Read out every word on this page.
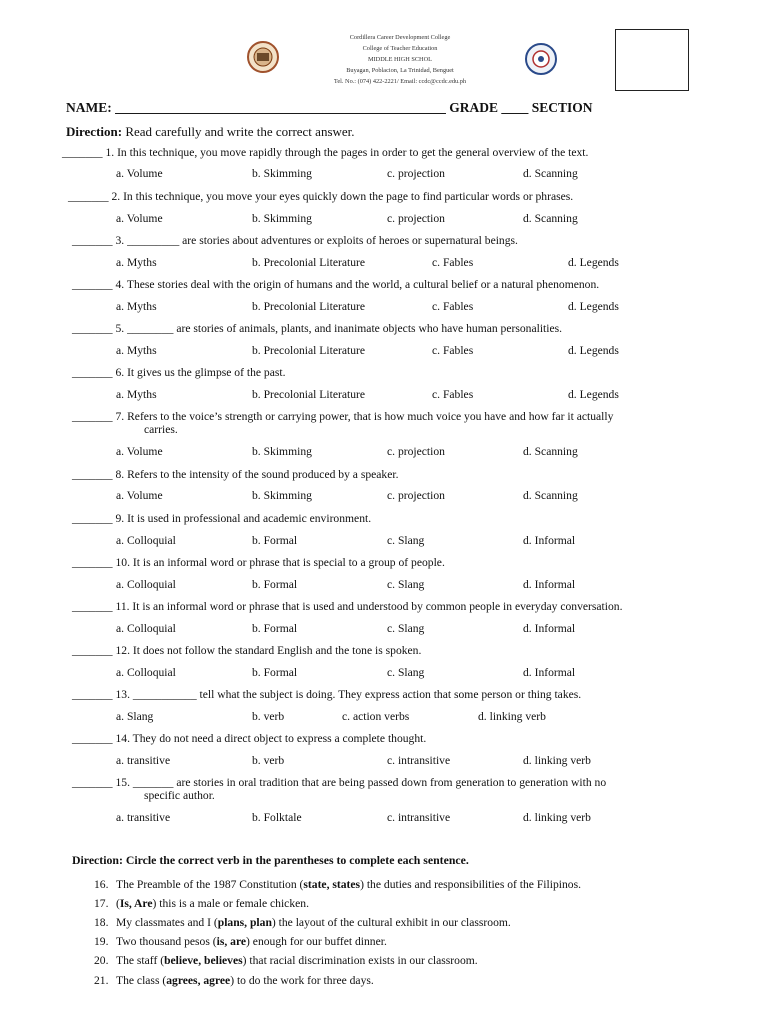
Cordillera Career Development College
College of Teacher Education
MIDDLE HIGH SCHOL
Buyagan, Poblacion, La Trinidad, Benguet
Tel. No.: (074) 422-2221/ Email: ccdc@ccdc.edu.ph
NAME: _________________________________________________ GRADE ____ SECTION
Direction: Read carefully and write the correct answer.
_______ 1. In this technique, you move rapidly through the pages in order to get the general overview of the text.
a. Volume	b. Skimming	c. projection	d. Scanning
_______ 2. In this technique, you move your eyes quickly down the page to find particular words or phrases.
a. Volume	b. Skimming	c. projection	d. Scanning
_______ 3. _________ are stories about adventures or exploits of heroes or supernatural beings.
a. Myths	b. Precolonial Literature	c. Fables	d. Legends
_______ 4. These stories deal with the origin of humans and the world, a cultural belief or a natural phenomenon.
a. Myths	b. Precolonial Literature	c. Fables	d. Legends
_______ 5. ________ are stories of animals, plants, and inanimate objects who have human personalities.
a. Myths	b. Precolonial Literature	c. Fables	d. Legends
_______ 6. It gives us the glimpse of the past.
a. Myths	b. Precolonial Literature	c. Fables	d. Legends
_______ 7. Refers to the voice’s strength or carrying power, that is how much voice you have and how far it actually
carries.
a. Volume	b. Skimming	c. projection	d. Scanning
_______ 8. Refers to the intensity of the sound produced by a speaker.
a. Volume	b. Skimming	c. projection	d. Scanning
_______ 9. It is used in professional and academic environment.
a. Colloquial	b. Formal	c. Slang	d. Informal
_______ 10. It is an informal word or phrase that is special to a group of people.
a. Colloquial	b. Formal	c. Slang	d. Informal
_______ 11. It is an informal word or phrase that is used and understood by common people in everyday conversation.
a. Colloquial	b. Formal	c. Slang	d. Informal
_______ 12. It does not follow the standard English and the tone is spoken.
a. Colloquial	b. Formal	c. Slang	d. Informal
_______ 13. ___________ tell what the subject is doing. They express action that some person or thing takes.
a. Slang	b. verb	c. action verbs	d. linking verb
_______ 14. They do not need a direct object to express a complete thought.
a. transitive	b. verb	c. intransitive	d. linking verb
_______ 15. _______ are stories in oral tradition that are being passed down from generation to generation with no
specific author.
a. transitive	b. Folktale	c. intransitive	d. linking verb
Direction: Circle the correct verb in the parentheses to complete each sentence.
16. The Preamble of the 1987 Constitution (state, states) the duties and responsibilities of the Filipinos.
17. (Is, Are) this is a male or female chicken.
18. My classmates and I (plans, plan) the layout of the cultural exhibit in our classroom.
19. Two thousand pesos (is, are) enough for our buffet dinner.
20. The staff (believe, believes) that racial discrimination exists in our classroom.
21. The class (agrees, agree) to do the work for three days.
